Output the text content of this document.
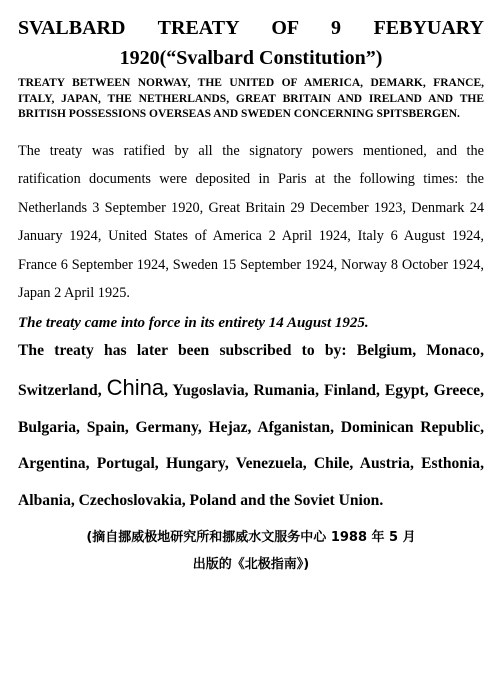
SVALBARD TREATY OF 9 FEBYUARY
1920(“Svalbard Constitution”)

TREATY BETWEEN NORWAY, THE UNITED OF AMERICA, DEMARK, FRANCE, ITALY, JAPAN, THE NETHERLANDS, GREAT BRITAIN AND IRELAND AND THE BRITISH POSSESSIONS OVERSEAS AND SWEDEN CONCERNING SPITSBERGEN.

The treaty was ratified by all the signatory powers mentioned, and the ratification documents were deposited in Paris at the following times: the Netherlands 3 September 1920, Great Britain 29 December 1923, Denmark 24 January 1924, United States of America 2 April 1924, Italy 6 August 1924, France 6 September 1924, Sweden 15 September 1924, Norway 8 October 1924, Japan 2 April 1925.

The treaty came into force in its entirety 14 August 1925.

The treaty has later been subscribed to by: Belgium, Monaco, Switzerland, China, Yugoslavia, Rumania, Finland, Egypt, Greece, Bulgaria, Spain, Germany, Hejaz, Afganistan, Dominican Republic, Argentina, Portugal, Hungary, Venezuela, Chile, Austria, Esthonia, Albania, Czechoslovakia, Poland and the Soviet Union.

(摘自挪威极地研究所和挪威水文服务中心 1988 年 5 月
出版的《北极指南》)
